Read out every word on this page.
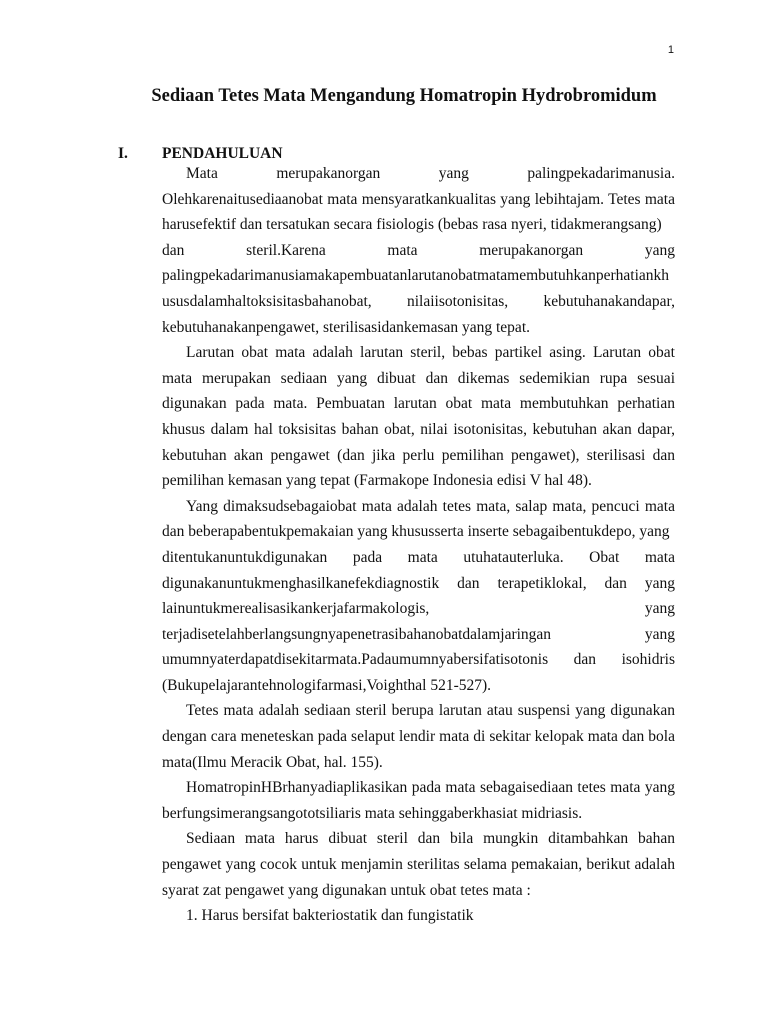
1
Sediaan Tetes Mata Mengandung Homatropin Hydrobromidum
I. PENDAHULUAN

Mata	merupakanorgan	yang	palingpekadarimanusia.

Olehkarenaitusediaanobat mata mensyaratkankualitas yang lebihtajam. Tetes mata harusefektif dan tersatukan secara fisiologis (bebas rasa nyeri, tidakmerangsang)

dan	steril.Karena	mata	merupakanorgan	yang
palingpekadarimanusiamakapembuatanlarutanobatmatamembutuhkanperhatiankh
ususdalamhaltoksisitasbahanobat, nilaiisotonisitas, kebutuhanakandapar,
kebutuhanakanpengawet, sterilisasidankemasan yang tepat.

Larutan obat mata adalah larutan steril, bebas partikel asing. Larutan obat mata merupakan sediaan yang dibuat dan dikemas sedemikian rupa sesuai digunakan pada mata. Pembuatan larutan obat mata membutuhkan perhatian khusus dalam hal toksisitas bahan obat, nilai isotonisitas, kebutuhan akan dapar, kebutuhan akan pengawet (dan jika perlu pemilihan pengawet), sterilisasi dan pemilihan kemasan yang tepat (Farmakope Indonesia edisi V hal 48).

Yang dimaksudsebagaiobat mata adalah tetes mata, salap mata, pencuci mata dan beberapabentukpemakaian yang khususserta inserte sebagaibentukdepo, yang

ditentukanuntukdigunakan pada mata utuhatauterluka. Obat mata
digunakanuntukmenghasilkanefekdiagnostik dan terapetiklokal, dan yang
lainuntukmerealisasikankerjafarmakologis,	yang
terjadisetelahberlangsungnyapenetrasibahanobatdalamjaringan	yang
umumnyaterdapatdisekitarmata.Padaumumnyabersifatisotonis dan isohidris
(Bukupelajarantehnologifarmasi,Voighthal 521-527).

Tetes mata adalah sediaan steril berupa larutan atau suspensi yang digunakan dengan cara meneteskan pada selaput lendir mata di sekitar kelopak mata dan bola mata(Ilmu Meracik Obat, hal. 155).

HomatropinHBrhanyadiaplikasikan pada mata sebagaisediaan tetes mata yang berfungsimerangsangototsiliaris mata sehinggaberkhasiat midriasis.

Sediaan mata harus dibuat steril dan bila mungkin ditambahkan bahan pengawet yang cocok untuk menjamin sterilitas selama pemakaian, berikut adalah syarat zat pengawet yang digunakan untuk obat tetes mata :

1. Harus bersifat bakteriostatik dan fungistatik
